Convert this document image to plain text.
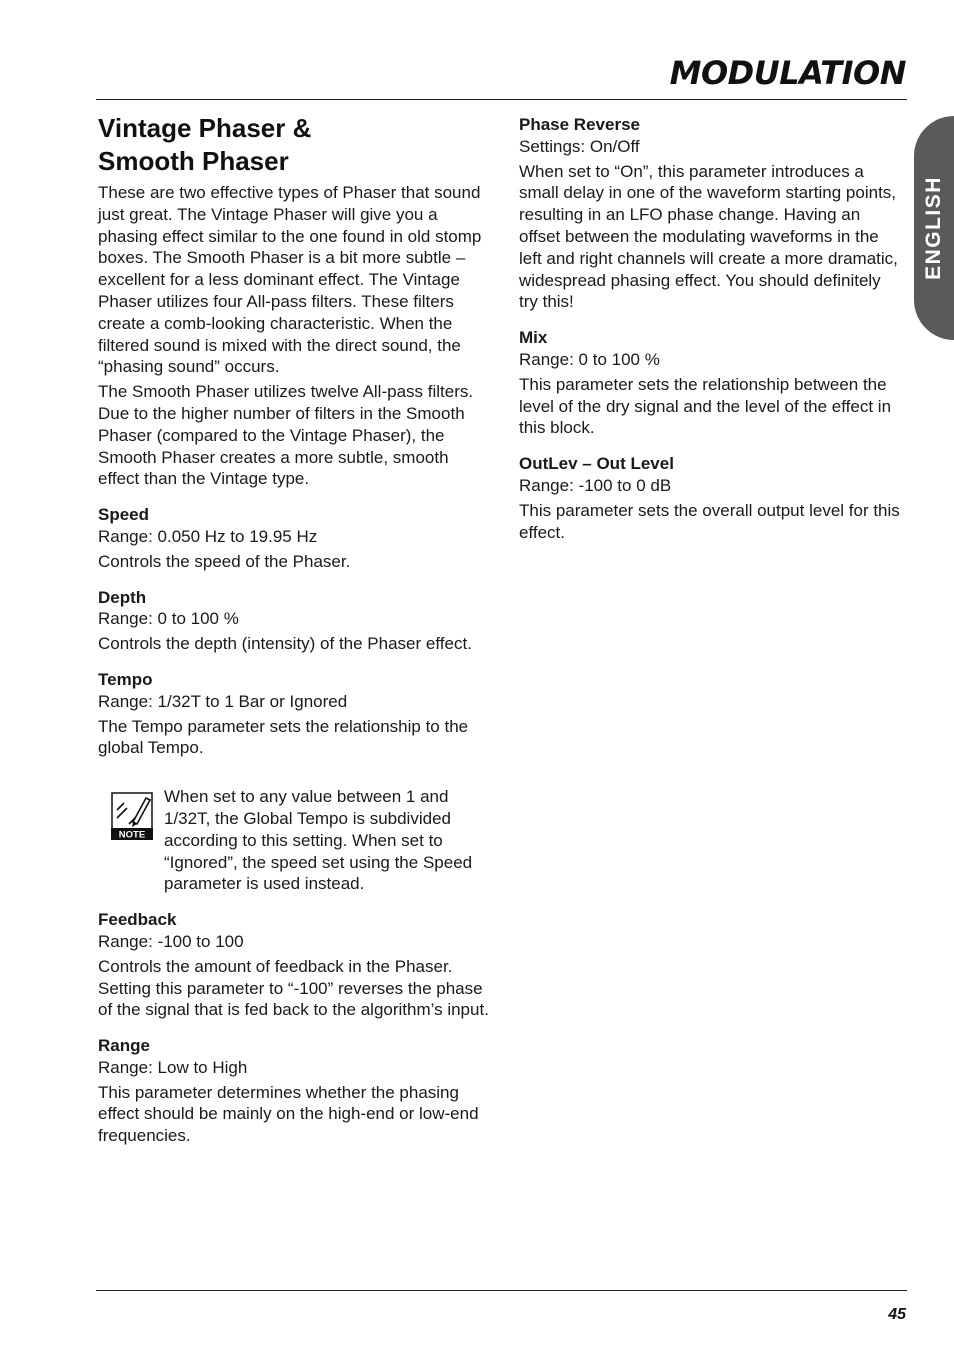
MODULATION
ENGLISH
Vintage Phaser &
Smooth Phaser

These are two effective types of Phaser that sound just great. The Vintage Phaser will give you a phasing effect similar to the one found in old stomp boxes. The Smooth Phaser is a bit more subtle – excellent for a less dominant effect. The Vintage Phaser utilizes four All-pass filters. These filters create a comb-looking characteristic. When the filtered sound is mixed with the direct sound, the “phasing sound” occurs.

The Smooth Phaser utilizes twelve All-pass filters. Due to the higher number of filters in the Smooth Phaser (compared to the Vintage Phaser), the Smooth Phaser creates a more subtle, smooth effect than the Vintage type.

Speed

Range: 0.050 Hz to 19.95 Hz

Controls the speed of the Phaser.

Depth

Range: 0 to 100 %

Controls the depth (intensity) of the Phaser effect.

Tempo

Range: 1/32T to 1 Bar or Ignored

The Tempo parameter sets the relationship to the global Tempo.

NOTE

When set to any value between 1 and 1/32T, the Global Tempo is subdivided according to this setting. When set to “Ignored”, the speed set using the Speed parameter is used instead.

Feedback

Range: -100 to 100

Controls the amount of feedback in the Phaser. Setting this parameter to “-100” reverses the phase of the signal that is fed back to the algorithm’s input.

Range

Range: Low to High

This parameter determines whether the phasing effect should be mainly on the high-end or low-end frequencies.

Phase Reverse

Settings: On/Off

When set to “On”, this parameter introduces a small delay in one of the waveform starting points, resulting in an LFO phase change. Having an offset between the modulating waveforms in the left and right channels will create a more dramatic, widespread phasing effect. You should definitely try this!

Mix

Range: 0 to 100 %

This parameter sets the relationship between the level of the dry signal and the level of the effect in this block.

OutLev – Out Level

Range: -100 to 0 dB

This parameter sets the overall output level for this effect.

45
